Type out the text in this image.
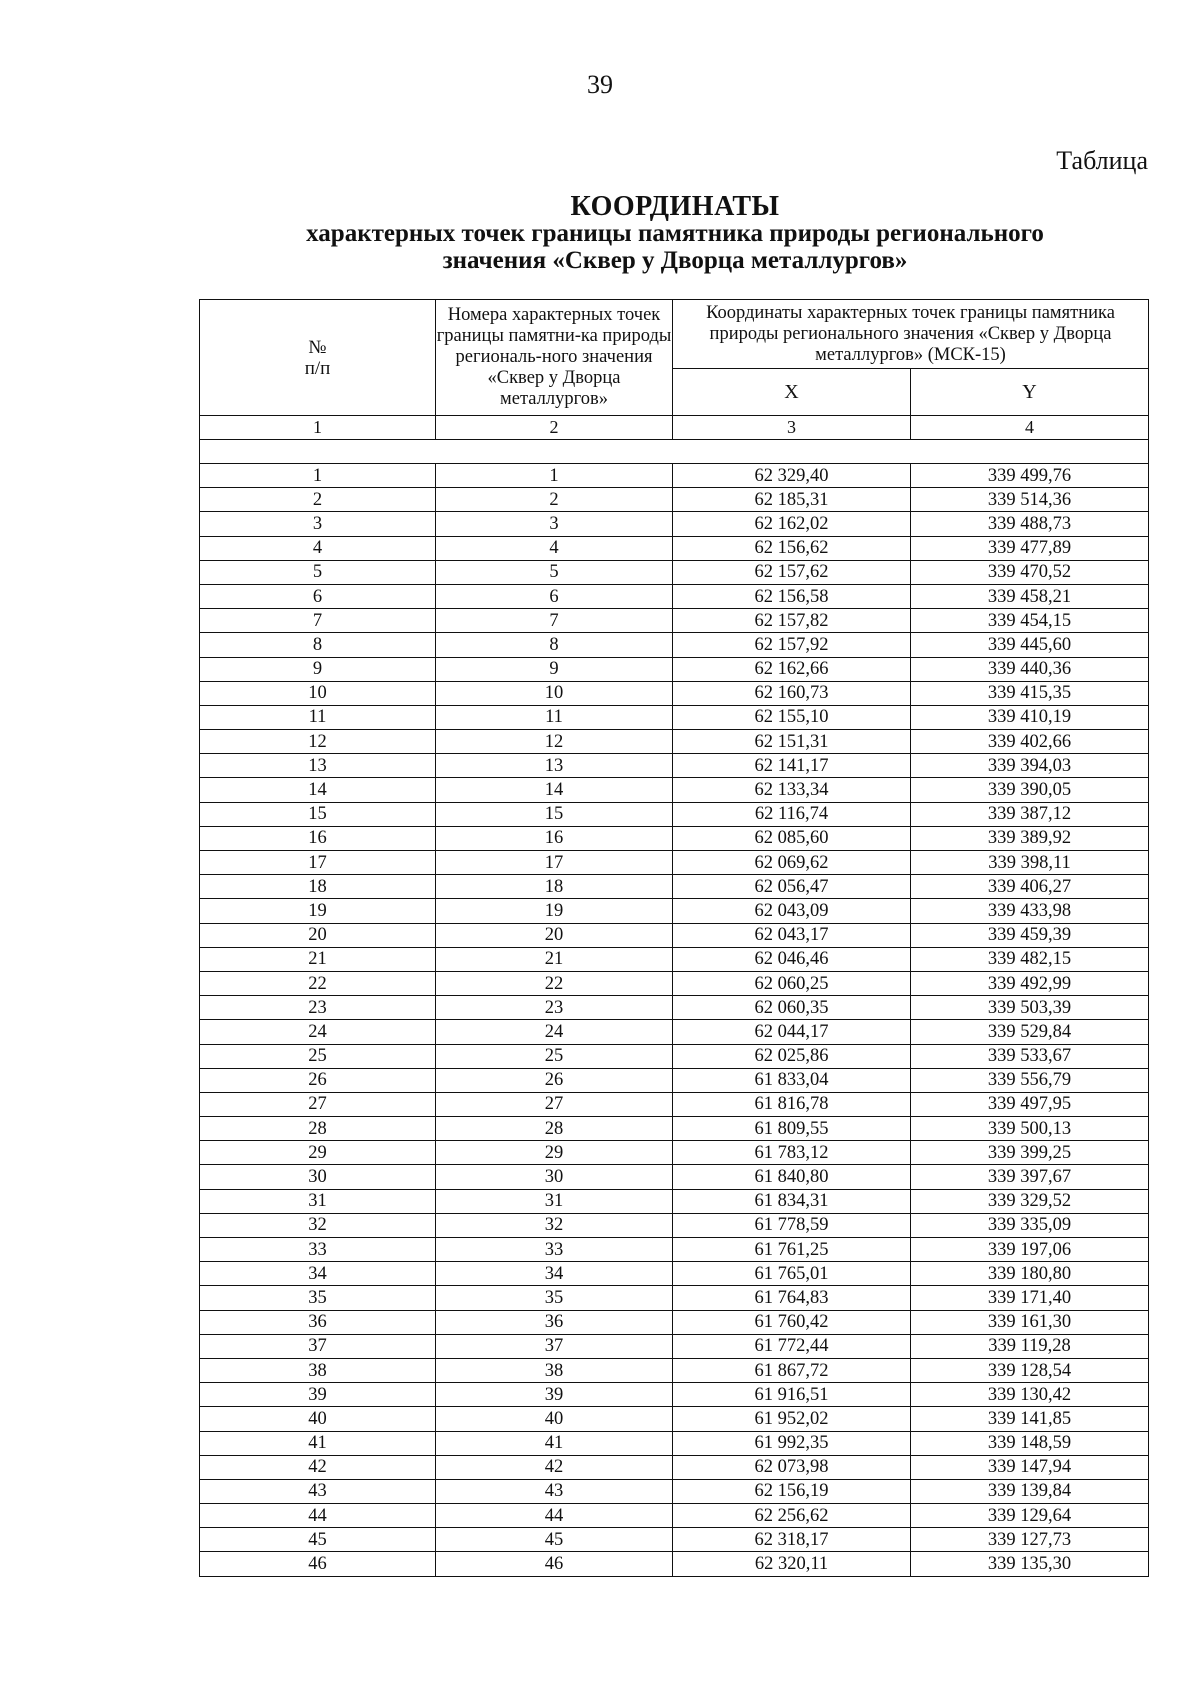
39
Таблица
КООРДИНАТЫ
характерных точек границы памятника природы регионального
значения «Сквер у Дворца металлургов»
№
п/п	Номера характерных точек границы памятни-ка природы региональ-ного значения «Сквер у Дворца металлургов»	Координаты характерных точек границы памятника природы регионального значения «Сквер у Дворца металлургов» (МСК-15)	
		X	Y
1	2	3	4

1	1	62 329,40	339 499,76
2	2	62 185,31	339 514,36
3	3	62 162,02	339 488,73
4	4	62 156,62	339 477,89
5	5	62 157,62	339 470,52
6	6	62 156,58	339 458,21
7	7	62 157,82	339 454,15
8	8	62 157,92	339 445,60
9	9	62 162,66	339 440,36
10	10	62 160,73	339 415,35
11	11	62 155,10	339 410,19
12	12	62 151,31	339 402,66
13	13	62 141,17	339 394,03
14	14	62 133,34	339 390,05
15	15	62 116,74	339 387,12
16	16	62 085,60	339 389,92
17	17	62 069,62	339 398,11
18	18	62 056,47	339 406,27
19	19	62 043,09	339 433,98
20	20	62 043,17	339 459,39
21	21	62 046,46	339 482,15
22	22	62 060,25	339 492,99
23	23	62 060,35	339 503,39
24	24	62 044,17	339 529,84
25	25	62 025,86	339 533,67
26	26	61 833,04	339 556,79
27	27	61 816,78	339 497,95
28	28	61 809,55	339 500,13
29	29	61 783,12	339 399,25
30	30	61 840,80	339 397,67
31	31	61 834,31	339 329,52
32	32	61 778,59	339 335,09
33	33	61 761,25	339 197,06
34	34	61 765,01	339 180,80
35	35	61 764,83	339 171,40
36	36	61 760,42	339 161,30
37	37	61 772,44	339 119,28
38	38	61 867,72	339 128,54
39	39	61 916,51	339 130,42
40	40	61 952,02	339 141,85
41	41	61 992,35	339 148,59
42	42	62 073,98	339 147,94
43	43	62 156,19	339 139,84
44	44	62 256,62	339 129,64
45	45	62 318,17	339 127,73
46	46	62 320,11	339 135,30
